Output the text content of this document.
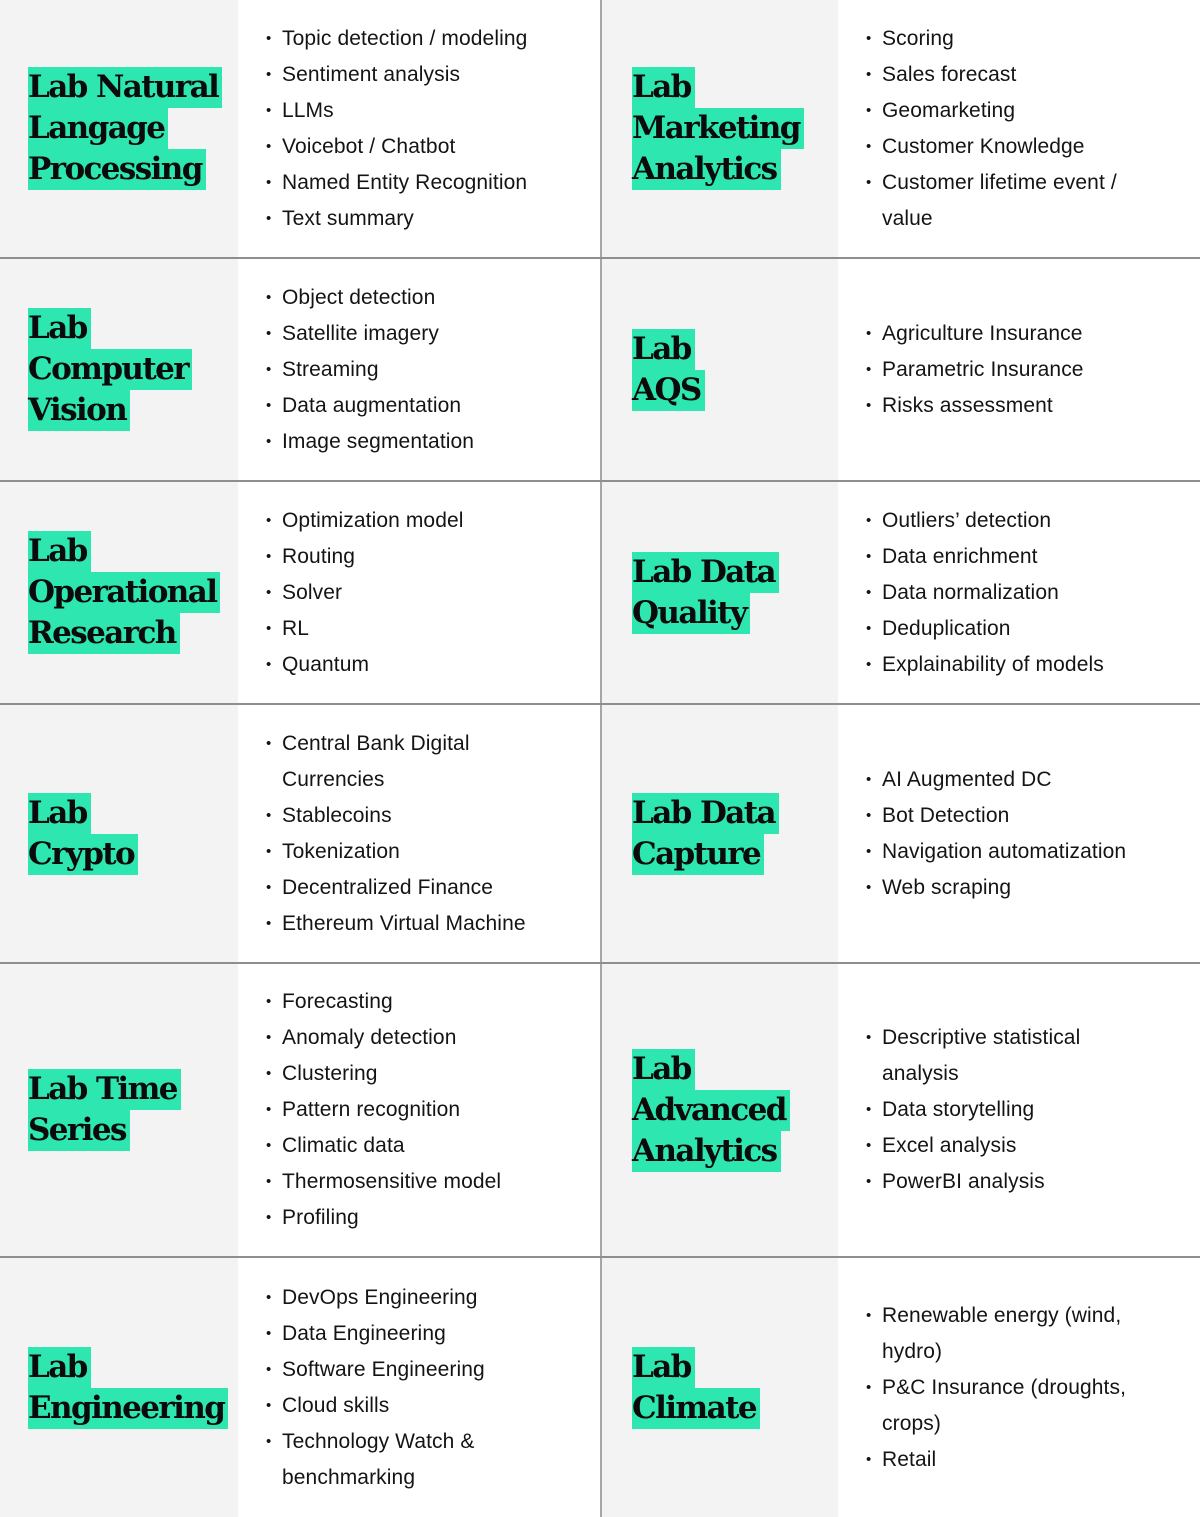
Lab Natural
Langage
Processing
• Topic detection / modeling
• Sentiment analysis
• LLMs
• Voicebot / Chatbot
• Named Entity Recognition
• Text summary
Lab
Marketing
Analytics
• Scoring
• Sales forecast
• Geomarketing
• Customer Knowledge
• Customer lifetime event /
value
Lab
Computer
Vision
• Object detection
• Satellite imagery
• Streaming
• Data augmentation
• Image segmentation
Lab
AQS
• Agriculture Insurance
• Parametric Insurance
• Risks assessment
Lab
Operational
Research
• Optimization model
• Routing
• Solver
• RL
• Quantum
Lab Data
Quality
• Outliers’ detection
• Data enrichment
• Data normalization
• Deduplication
• Explainability of models
Lab
Crypto
• Central Bank Digital
Currencies
• Stablecoins
• Tokenization
• Decentralized Finance
• Ethereum Virtual Machine
Lab Data
Capture
• AI Augmented DC
• Bot Detection
• Navigation automatization
• Web scraping
Lab Time
Series
• Forecasting
• Anomaly detection
• Clustering
• Pattern recognition
• Climatic data
• Thermosensitive model
• Profiling
Lab
Advanced
Analytics
• Descriptive statistical
analysis
• Data storytelling
• Excel analysis
• PowerBI analysis
Lab
Engineering
• DevOps Engineering
• Data Engineering
• Software Engineering
• Cloud skills
• Technology Watch &
benchmarking
Lab
Climate
• Renewable energy (wind,
hydro)
• P&C Insurance (droughts,
crops)
• Retail
